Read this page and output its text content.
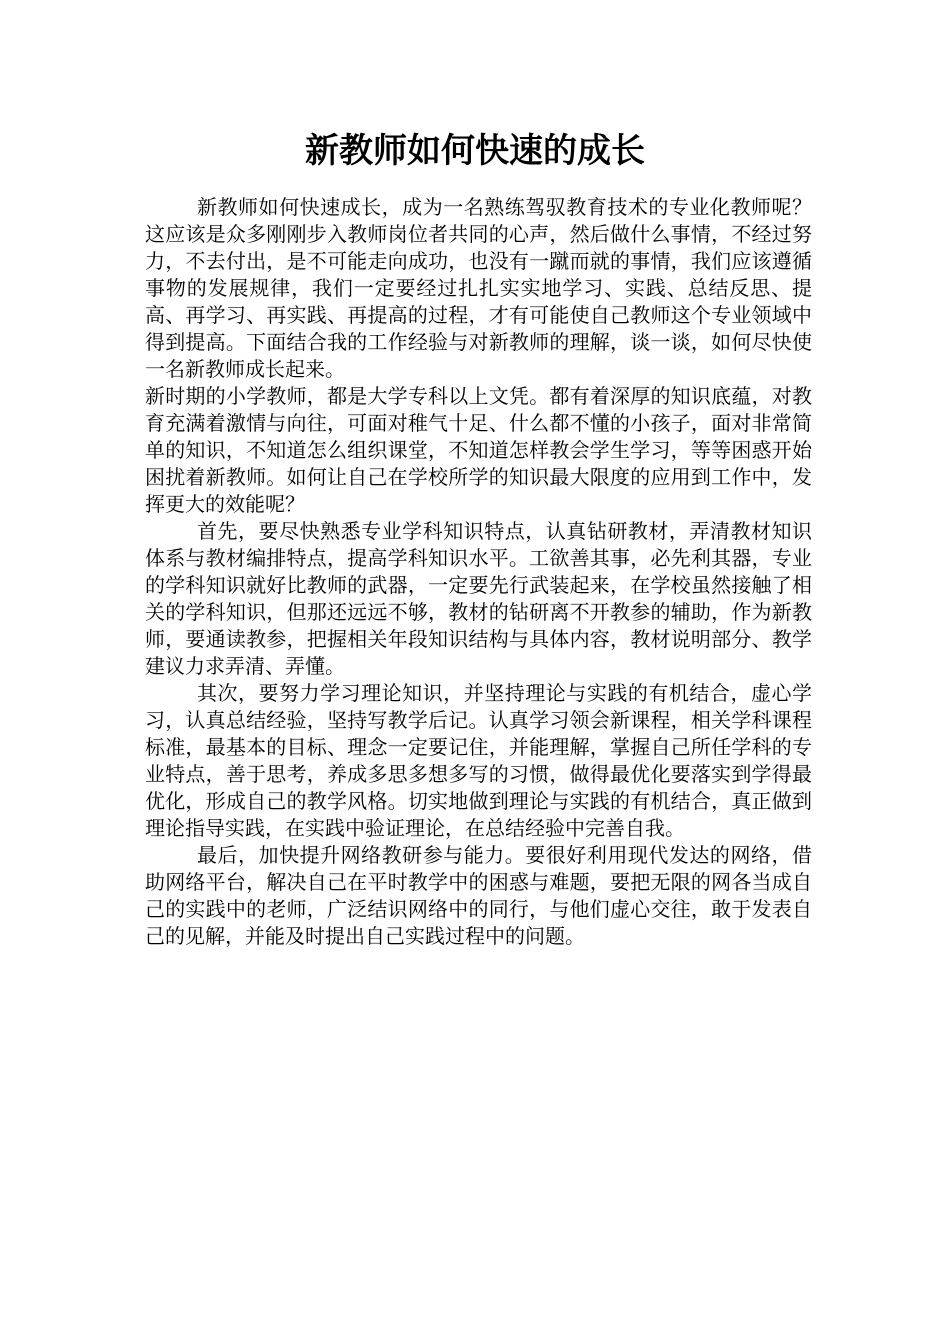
新教师如何快速的成长

新教师如何快速成长，成为一名熟练驾驭教育技术的专业化教师呢？这应该是众多刚刚步入教师岗位者共同的心声，然后做什么事情，不经过努力，不去付出，是不可能走向成功，也没有一蹴而就的事情，我们应该遵循事物的发展规律，我们一定要经过扎扎实实地学习、实践、总结反思、提高、再学习、再实践、再提高的过程，才有可能使自己教师这个专业领域中得到提高。下面结合我的工作经验与对新教师的理解，谈一谈，如何尽快使一名新教师成长起来。

新时期的小学教师，都是大学专科以上文凭。都有着深厚的知识底蕴，对教育充满着激情与向往，可面对稚气十足、什么都不懂的小孩子，面对非常简单的知识，不知道怎么组织课堂，不知道怎样教会学生学习，等等困惑开始困扰着新教师。如何让自己在学校所学的知识最大限度的应用到工作中，发挥更大的效能呢？

首先，要尽快熟悉专业学科知识特点，认真钻研教材，弄清教材知识体系与教材编排特点，提高学科知识水平。工欲善其事，必先利其器，专业的学科知识就好比教师的武器，一定要先行武装起来，在学校虽然接触了相关的学科知识，但那还远远不够，教材的钻研离不开教参的辅助，作为新教师，要通读教参，把握相关年段知识结构与具体内容，教材说明部分、教学建议力求弄清、弄懂。

其次，要努力学习理论知识，并坚持理论与实践的有机结合，虚心学习，认真总结经验，坚持写教学后记。认真学习领会新课程，相关学科课程标准，最基本的目标、理念一定要记住，并能理解，掌握自己所任学科的专业特点，善于思考，养成多思多想多写的习惯，做得最优化要落实到学得最优化，形成自己的教学风格。切实地做到理论与实践的有机结合，真正做到理论指导实践，在实践中验证理论，在总结经验中完善自我。

最后，加快提升网络教研参与能力。要很好利用现代发达的网络，借助网络平台，解决自己在平时教学中的困惑与难题，要把无限的网各当成自己的实践中的老师，广泛结识网络中的同行，与他们虚心交往，敢于发表自己的见解，并能及时提出自己实践过程中的问题。
